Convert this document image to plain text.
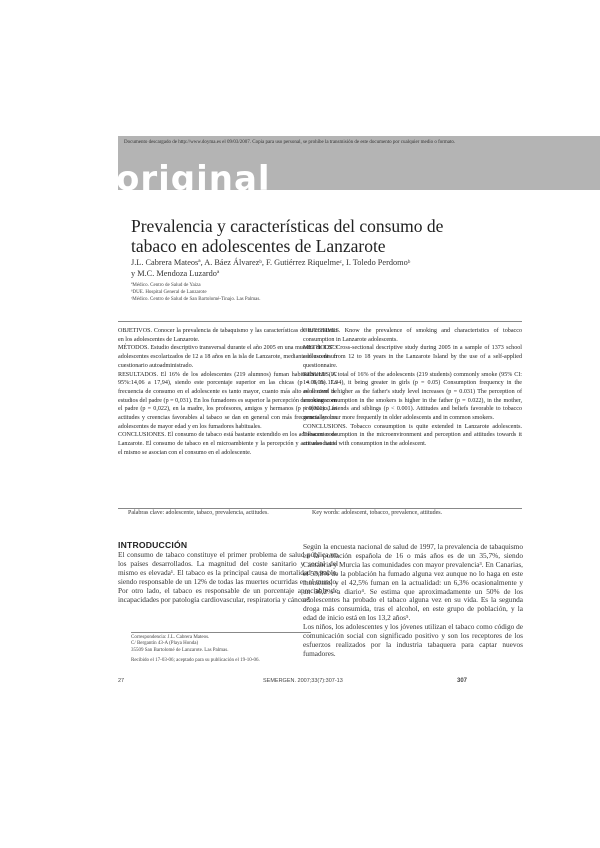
Documento descargado de http://www.doyma.es el 09/03/2007. Copia para uso personal, se prohíbe la transmisión de este documento por cualquier medio o formato.
original
Prevalencia y características del consumo de tabaco en adolescentes de Lanzarote
J.L. Cabrera Mateosª, A. Báez Álvarezᵇ, F. Gutiérrez Riquelmeᶜ, I. Toledo Perdomoᵇ
y M.C. Mendoza Luzardoª
ªMédico. Centro de Salud de Yaiza
ᵇDUE. Hospital General de Lanzarote
ᶜMédico. Centro de Salud de San Bartolomé-Tinajo. Las Palmas.

OBJETIVOS. Conocer la prevalencia de tabaquismo y las características de su consumo en los adolescentes de Lanzarote.

MÉTODOS. Estudio descriptivo transversal durante el año 2005 en una muestra de 1.373 adolescentes escolarizados de 12 a 18 años en la isla de Lanzarote, mediante el uso de un cuestionario autoadministrado.

RESULTADOS. El 16% de los adolescentes (219 alumnos) fuman habitualmente (IC 95%:14,06 a 17,94), siendo este porcentaje superior en las chicas (p = 0,05). La frecuencia de consumo en el adolescente es tanto mayor, cuanto más alto es el nivel de estudios del padre (p = 0,031). En los fumadores es superior la percepción de consumo en el padre (p = 0,022), en la madre, los profesores, amigos y hermanos (p < 0,001). Las actitudes y creencias favorables al tabaco se dan en general con más frecuencia en los adolescentes de mayor edad y en los fumadores habituales.

CONCLUSIONES. El consumo de tabaco está bastante extendido en los adolescentes de Lanzarote. El consumo de tabaco en el microambiente y la percepción y actitudes hacia el mismo se asocian con el consumo en el adolescente.

OBJECTIVES. Know the prevalence of smoking and characteristics of tobacco consumption in Lanzarote adolescents.

METHODS. Cross-sectional descriptive study during 2005 in a sample of 1373 school adolescents from 12 to 18 years in the Lanzarote Island by the use of a self-applied questionnaire.

RESULTS. A total of 16% of the adolescents (219 students) commonly smoke (95% CI: 14.06 to 17.94), it being greater in girls (p = 0.05) Consumption frequency in the adolescent is higher as the father's study level increases (p = 0.031) The perception of smoking consumption in the smokers is higher in the father (p = 0.022), in the mother, professors, friends and siblings (p < 0.001). Attitudes and beliefs favorable to tobacco generally occur more frequently in older adolescents and in common smokers.

CONCLUSIONS. Tobacco consumption is quite extended in Lanzarote adolescents. Tobacco consumption in the microenvironment and perception and attitudes towards it are associated with consumption in the adolescent.

Palabras clave: adolescente, tabaco, prevalencia, actitudes.	Key words: adolescent, tobacco, prevalence, attitudes.
INTRODUCCIÓN

El consumo de tabaco constituye el primer problema de salud pública en los países desarrollados. La magnitud del coste sanitario y social del mismo es elevada¹. El tabaco es la principal causa de mortalidad evitable, siendo responsable de un 12% de todas las muertes ocurridas en el mundo. Por otro lado, el tabaco es responsable de un porcentaje apreciable de incapacidades por patología cardiovascular, respiratoria y cáncer².

Según la encuesta nacional de salud de 1997, la prevalencia de tabaquismo en la población española de 16 o más años es de un 35,7%, siendo Cantabria y Murcia las comunidades con mayor prevalencia³. En Canarias, el 53,8% de la población ha fumado alguna vez aunque no lo haga en este momento, y el 42,5% fuman en la actualidad: un 6,3% ocasionalmente y un 36,2% a diario⁴. Se estima que aproximadamente un 50% de los adolescentes ha probado el tabaco alguna vez en su vida. Es la segunda droga más consumida, tras el alcohol, en este grupo de población, y la edad de inicio está en los 13,2 años⁵.

Los niños, los adolescentes y los jóvenes utilizan el tabaco como código de comunicación social con significado positivo y son los receptores de los esfuerzos realizados por la industria tabaquera para captar nuevos fumadores.

Correspondencia: J.L. Cabrera Mateos.

C/ Bergantín 43-A (Playa Honda)

35509 San Bartolomé de Lanzarote. Las Palmas.

Recibido el 17-03-06; aceptado para su publicación el 19-10-06.

27	SEMERGEN. 2007;33(7):307-13	307
